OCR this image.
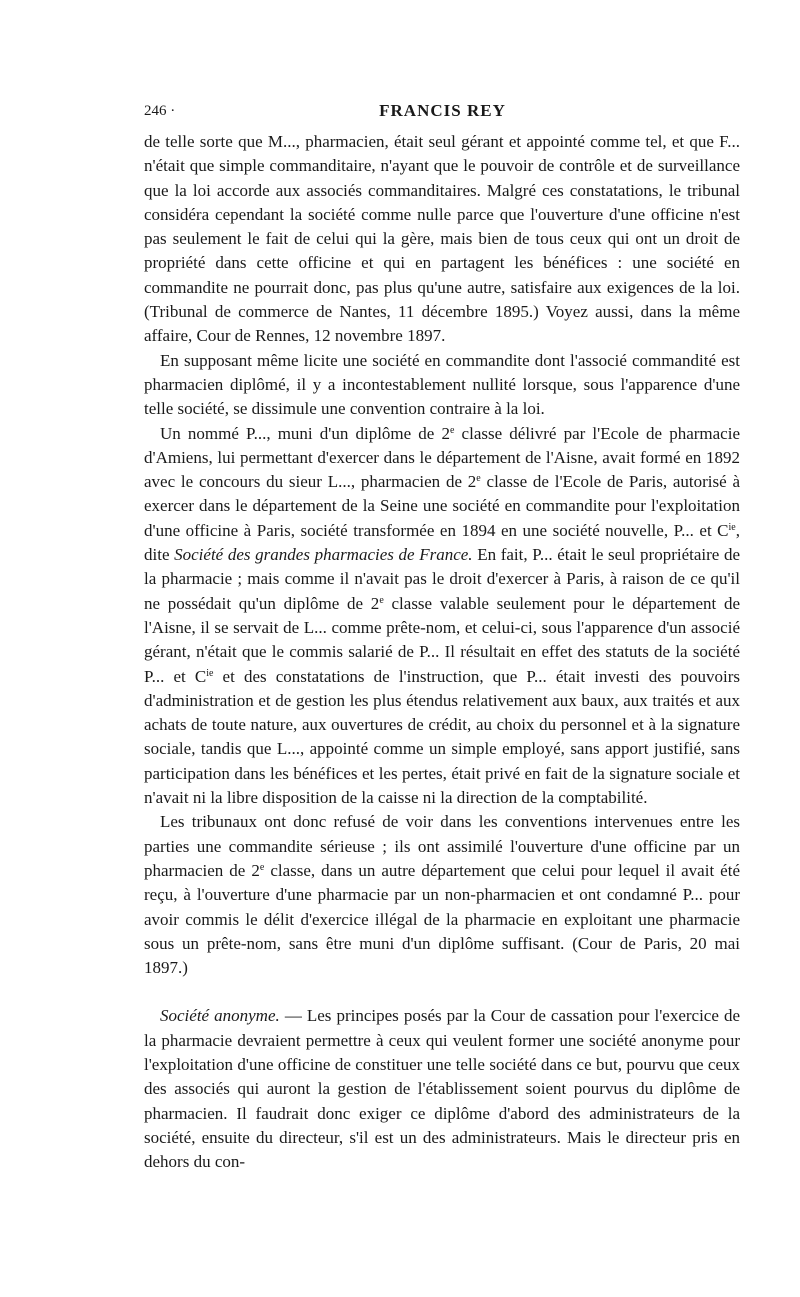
246 ·	FRANCIS REY

de telle sorte que M..., pharmacien, était seul gérant et appointé comme tel, et que F... n'était que simple commanditaire, n'ayant que le pouvoir de contrôle et de surveillance que la loi accorde aux associés commanditaires. Malgré ces constatations, le tribunal considéra cependant la société comme nulle parce que l'ouverture d'une officine n'est pas seulement le fait de celui qui la gère, mais bien de tous ceux qui ont un droit de propriété dans cette officine et qui en partagent les bénéfices : une société en commandite ne pourrait donc, pas plus qu'une autre, satisfaire aux exigences de la loi. (Tribunal de commerce de Nantes, 11 décembre 1895.) Voyez aussi, dans la même affaire, Cour de Rennes, 12 novembre 1897.

En supposant même licite une société en commandite dont l'associé commandité est pharmacien diplômé, il y a incontestablement nullité lorsque, sous l'apparence d'une telle société, se dissimule une convention contraire à la loi.

Un nommé P..., muni d'un diplôme de 2e classe délivré par l'Ecole de pharmacie d'Amiens, lui permettant d'exercer dans le département de l'Aisne, avait formé en 1892 avec le concours du sieur L..., pharmacien de 2e classe de l'Ecole de Paris, autorisé à exercer dans le département de la Seine une société en commandite pour l'exploitation d'une officine à Paris, société transformée en 1894 en une société nouvelle, P... et $C^{ie}$, dite Société des grandes pharmacies de France. En fait, P... était le seul propriétaire de la pharmacie ; mais comme il n'avait pas le droit d'exercer à Paris, à raison de ce qu'il ne possédait qu'un diplôme de 2e classe valable seulement pour le département de l'Aisne, il se servait de L... comme prête-nom, et celui-ci, sous l'apparence d'un associé gérant, n'était que le commis salarié de P... Il résultait en effet des statuts de la société P... et $C^{ie}$ et des constatations de l'instruction, que P... était investi des pouvoirs d'administration et de gestion les plus étendus relativement aux baux, aux traités et aux achats de toute nature, aux ouvertures de crédit, au choix du personnel et à la signature sociale, tandis que L..., appointé comme un simple employé, sans apport justifié, sans participation dans les bénéfices et les pertes, était privé en fait de la signature sociale et n'avait ni la libre disposition de la caisse ni la direction de la comptabilité.

Les tribunaux ont donc refusé de voir dans les conventions intervenues entre les parties une commandite sérieuse ; ils ont assimilé l'ouverture d'une officine par un pharmacien de 2e classe, dans un autre département que celui pour lequel il avait été reçu, à l'ouverture d'une pharmacie par un non-pharmacien et ont condamné P... pour avoir commis le délit d'exercice illégal de la pharmacie en exploitant une pharmacie sous un prête-nom, sans être muni d'un diplôme suffisant. (Cour de Paris, 20 mai 1897.)

Société anonyme. — Les principes posés par la Cour de cassation pour l'exercice de la pharmacie devraient permettre à ceux qui veulent former une société anonyme pour l'exploitation d'une officine de constituer une telle société dans ce but, pourvu que ceux des associés qui auront la gestion de l'établissement soient pourvus du diplôme de pharmacien. Il faudrait donc exiger ce diplôme d'abord des administrateurs de la société, ensuite du directeur, s'il est un des administrateurs. Mais le directeur pris en dehors du con-
